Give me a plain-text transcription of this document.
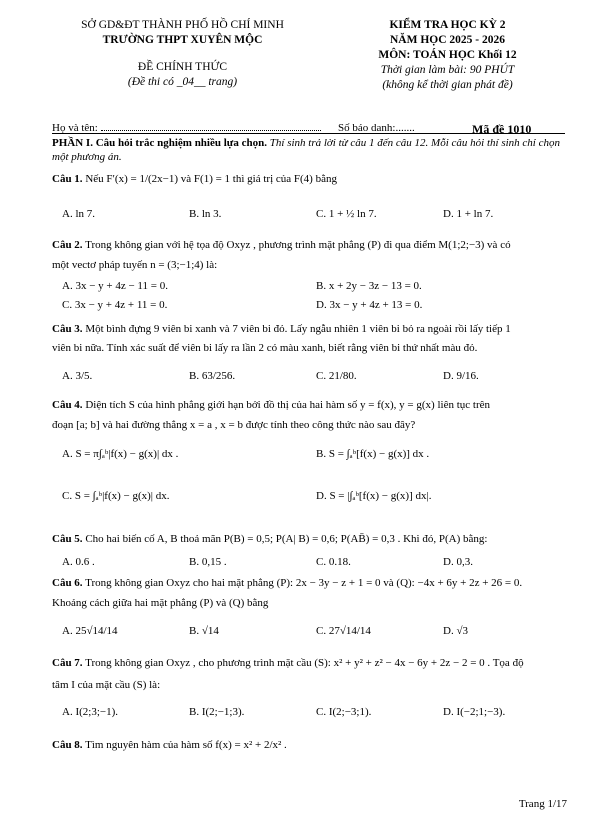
SỞ GD&ĐT THÀNH PHỐ HỒ CHÍ MINH
TRƯỜNG THPT XUYÊN MỘC
ĐỀ CHÍNH THỨC
(Đề thi có _04__ trang)
KIỂM TRA HỌC KỲ 2
NĂM HỌC 2025 - 2026
MÔN: TOÁN HỌC Khối 12
Thời gian làm bài: 90 PHÚT
(không kể thời gian phát đề)
Họ và tên:	Số báo danh:.......	Mã đề 1010
PHẦN I. Câu hỏi trắc nghiệm nhiều lựa chọn. Thí sinh trả lời từ câu 1 đến câu 12. Mỗi câu hỏi thí sinh chỉ chọn một phương án.
Câu 1. Nếu F′(x) = 1/(2x−1) và F(1) = 1 thì giá trị của F(4) bằng
A. ln 7.	B. ln 3.	C. 1 + ½ ln 7.	D. 1 + ln 7.
Câu 2. Trong không gian với hệ tọa độ Oxyz , phương trình mặt phẳng (P) đi qua điểm M(1;2;−3) và có
một vectơ pháp tuyến n = (3;−1;4) là:
A. 3x − y + 4z − 11 = 0.	B. x + 2y − 3z − 13 = 0.
C. 3x − y + 4z + 11 = 0.	D. 3x − y + 4z + 13 = 0.
Câu 3. Một bình đựng 9 viên bi xanh và 7 viên bi đỏ. Lấy ngẫu nhiên 1 viên bi bỏ ra ngoài rồi lấy tiếp 1
viên bi nữa. Tính xác suất để viên bi lấy ra lần 2 có màu xanh, biết rằng viên bi thứ nhất màu đỏ.
A. 3/5.	B. 63/256.	C. 21/80.	D. 9/16.
Câu 4. Diện tích S của hình phẳng giới hạn bởi đồ thị của hai hàm số y = f(x), y = g(x) liên tục trên
đoạn [a; b] và hai đường thẳng x = a , x = b được tính theo công thức nào sau đây?
A. S = π∫ₐᵇ|f(x) − g(x)| dx .	B. S = ∫ₐᵇ[f(x) − g(x)] dx .
C. S = ∫ₐᵇ|f(x) − g(x)| dx.	D. S = |∫ₐᵇ[f(x) − g(x)] dx|.
Câu 5. Cho hai biến cố A, B thoả mãn P(B) = 0,5; P(A| B) = 0,6; P(AB̄) = 0,3 . Khi đó, P(A) bằng:
A. 0.6 .	B. 0,15 .	C. 0.18.	D. 0,3.
Câu 6. Trong không gian Oxyz cho hai mặt phẳng (P): 2x − 3y − z + 1 = 0 và (Q): −4x + 6y + 2z + 26 = 0.
Khoảng cách giữa hai mặt phẳng (P) và (Q) bằng
A. 25√14/14	B. √14	C. 27√14/14	D. √3
Câu 7. Trong không gian Oxyz , cho phương trình mặt cầu (S): x² + y² + z² − 4x − 6y + 2z − 2 = 0 . Tọa độ
tâm I của mặt cầu (S) là:
A. I(2;3;−1).	B. I(2;−1;3).	C. I(2;−3;1).	D. I(−2;1;−3).
Câu 8. Tìm nguyên hàm của hàm số f(x) = x² + 2/x² .
Trang 1/17
